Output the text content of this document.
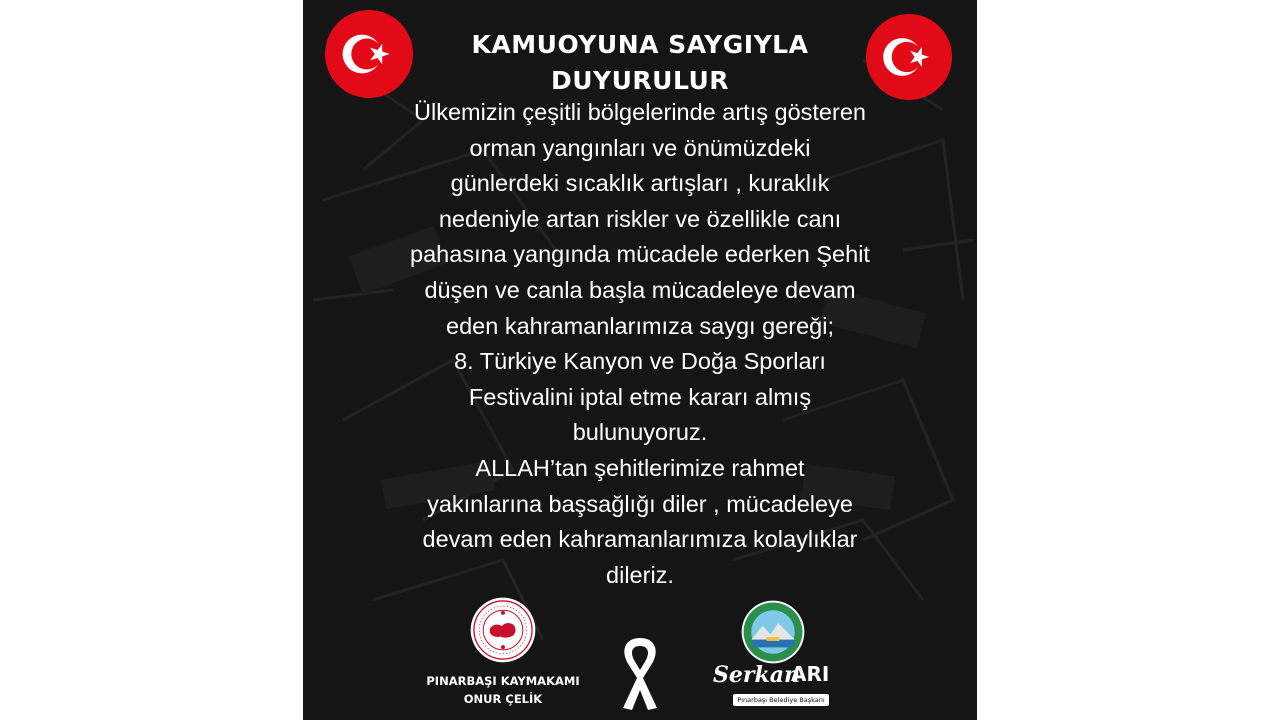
KAMUOYUNA SAYGIYLA
DUYURULUR
Ülkemizin çeşitli bölgelerinde artış gösteren
orman yangınları ve önümüzdeki
günlerdeki sıcaklık artışları , kuraklık
nedeniyle artan riskler ve özellikle canı
pahasına yangında mücadele ederken Şehit
düşen ve canla başla mücadeleye devam
eden kahramanlarımıza saygı gereği;
8. Türkiye Kanyon ve Doğa Sporları
Festivalini iptal etme kararı almış
bulunuyoruz.
ALLAH’tan şehitlerimize rahmet
yakınlarına başsağlığı diler , mücadeleye
devam eden kahramanlarımıza kolaylıklar
dileriz.
PINARBAŞI KAYMAKAMI
ONUR ÇELİK
Serkan
ARI
Pınarbaşı Belediye Başkanı
